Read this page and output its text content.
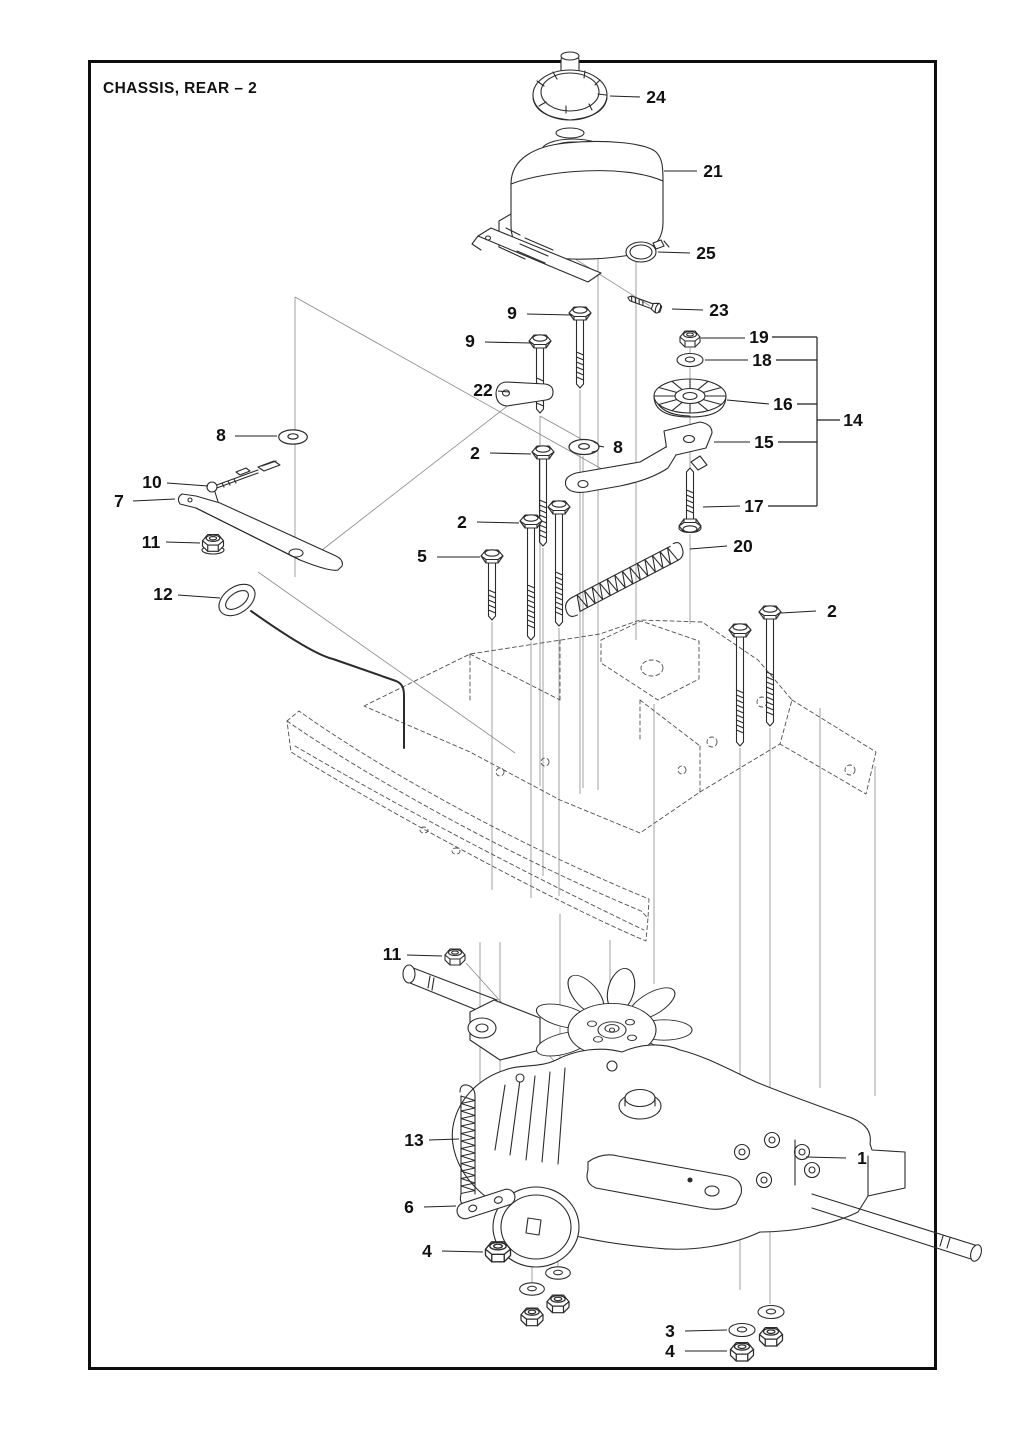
CHASSIS, REAR – 2	24
21
25
23
9
9
22
19
18
16
14
15
17
8
8
2
2
2
5	20
10
7
11
12
11
13
6
4
1
3
4
